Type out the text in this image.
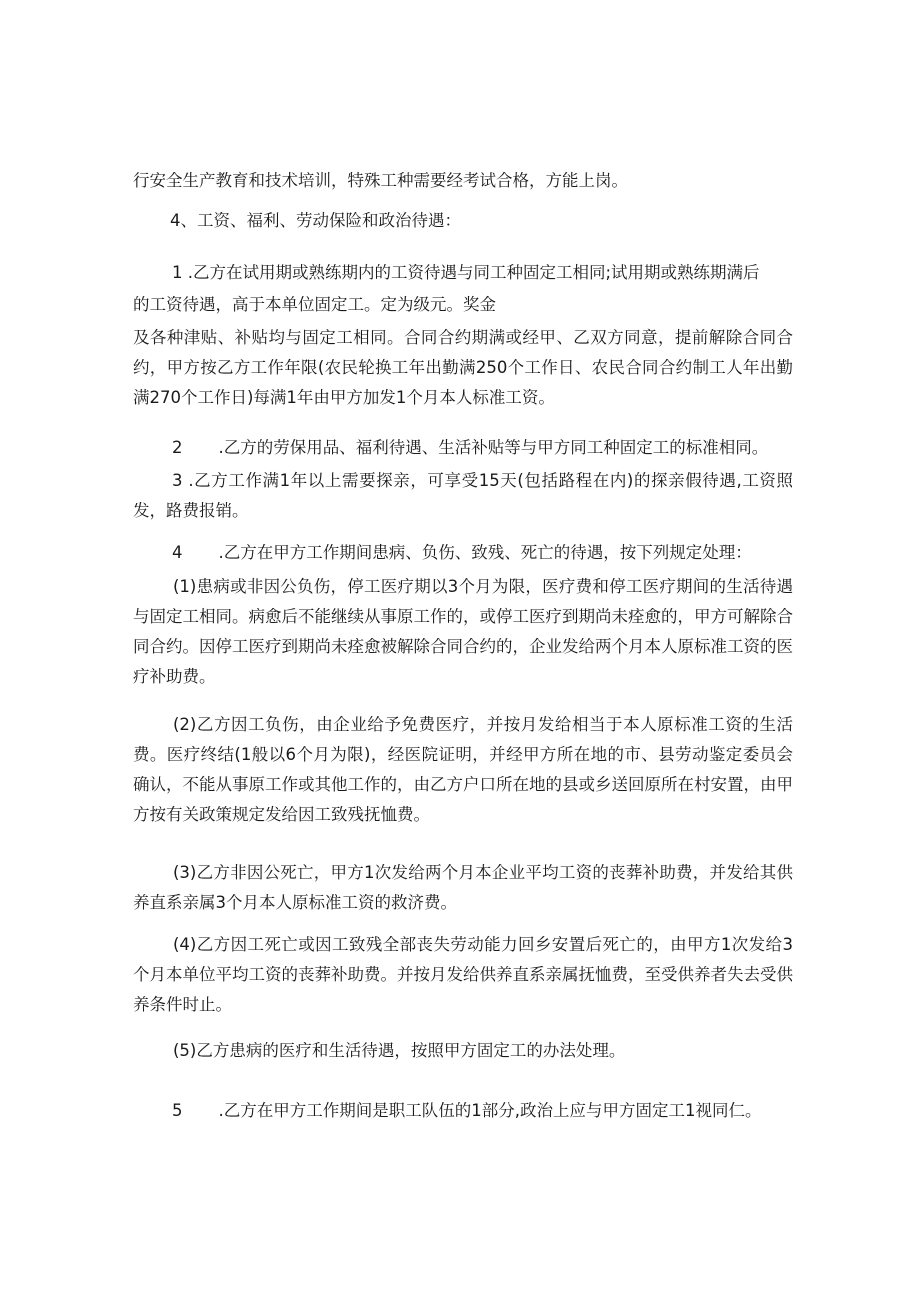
行安全生产教育和技术培训，特殊工种需要经考试合格，方能上岗。

4、工资、福利、劳动保险和政治待遇：

1 .乙方在试用期或熟练期内的工资待遇与同工种固定工相同;试用期或熟练期满后

的工资待遇，高于本单位固定工。定为级元。奖金

及各种津贴、补贴均与固定工相同。合同合约期满或经甲、乙双方同意，提前解除合同合约，甲方按乙方工作年限(农民轮换工年出勤满250个工作日、农民合同合约制工人年出勤满270个工作日)每满1年由甲方加发1个月本人标准工资。

2 .乙方的劳保用品、福利待遇、生活补贴等与甲方同工种固定工的标准相同。

3 .乙方工作满1年以上需要探亲，可享受15天(包括路程在内)的探亲假待遇,工资照发，路费报销。

4 .乙方在甲方工作期间患病、负伤、致残、死亡的待遇，按下列规定处理：

(1)患病或非因公负伤，停工医疗期以3个月为限，医疗费和停工医疗期间的生活待遇与固定工相同。病愈后不能继续从事原工作的，或停工医疗到期尚未痊愈的，甲方可解除合同合约。因停工医疗到期尚未痊愈被解除合同合约的，企业发给两个月本人原标准工资的医疗补助费。

(2)乙方因工负伤，由企业给予免费医疗，并按月发给相当于本人原标准工资的生活费。医疗终结(1般以6个月为限)，经医院证明，并经甲方所在地的市、县劳动鉴定委员会确认，不能从事原工作或其他工作的，由乙方户口所在地的县或乡送回原所在村安置，由甲方按有关政策规定发给因工致残抚恤费。

(3)乙方非因公死亡，甲方1次发给两个月本企业平均工资的丧葬补助费，并发给其供养直系亲属3个月本人原标准工资的救济费。

(4)乙方因工死亡或因工致残全部丧失劳动能力回乡安置后死亡的，由甲方1次发给3个月本单位平均工资的丧葬补助费。并按月发给供养直系亲属抚恤费，至受供养者失去受供养条件时止。

(5)乙方患病的医疗和生活待遇，按照甲方固定工的办法处理。

5 .乙方在甲方工作期间是职工队伍的1部分,政治上应与甲方固定工1视同仁。
